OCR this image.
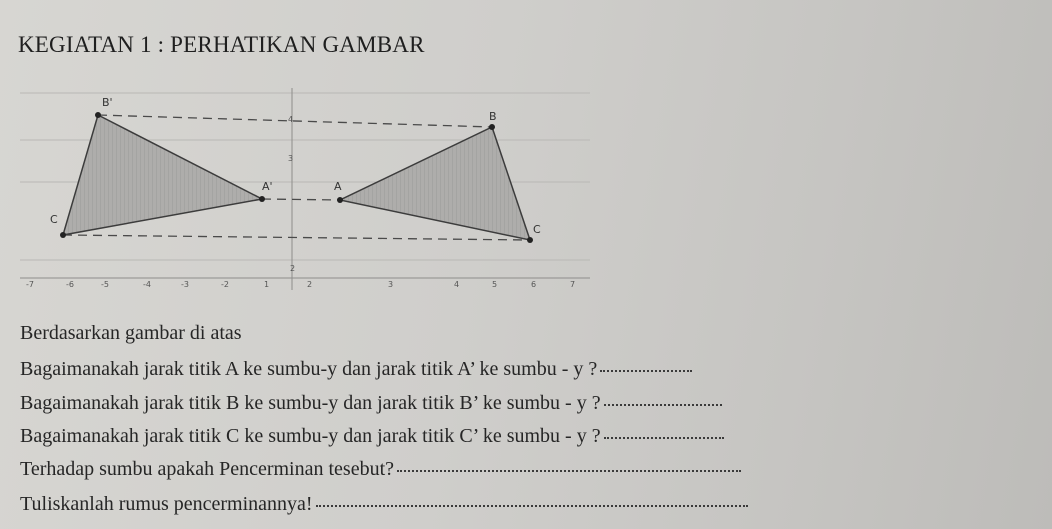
KEGIATAN 1 : PERHATIKAN GAMBAR
B'
B
A'	A
C
C
4
3
2
-7	-6	-5	-4	-3	-2	1	2	3	4	5	6	7
Berdasarkan gambar di atas
Bagaimanakah jarak titik A ke sumbu-y dan jarak titik A’ ke sumbu - y ?
Bagaimanakah jarak titik B ke sumbu-y dan jarak titik B’ ke sumbu - y ?
Bagaimanakah jarak titik C ke sumbu-y dan jarak titik C’ ke sumbu - y ?
Terhadap sumbu apakah Pencerminan tesebut?
Tuliskanlah rumus pencerminannya!
